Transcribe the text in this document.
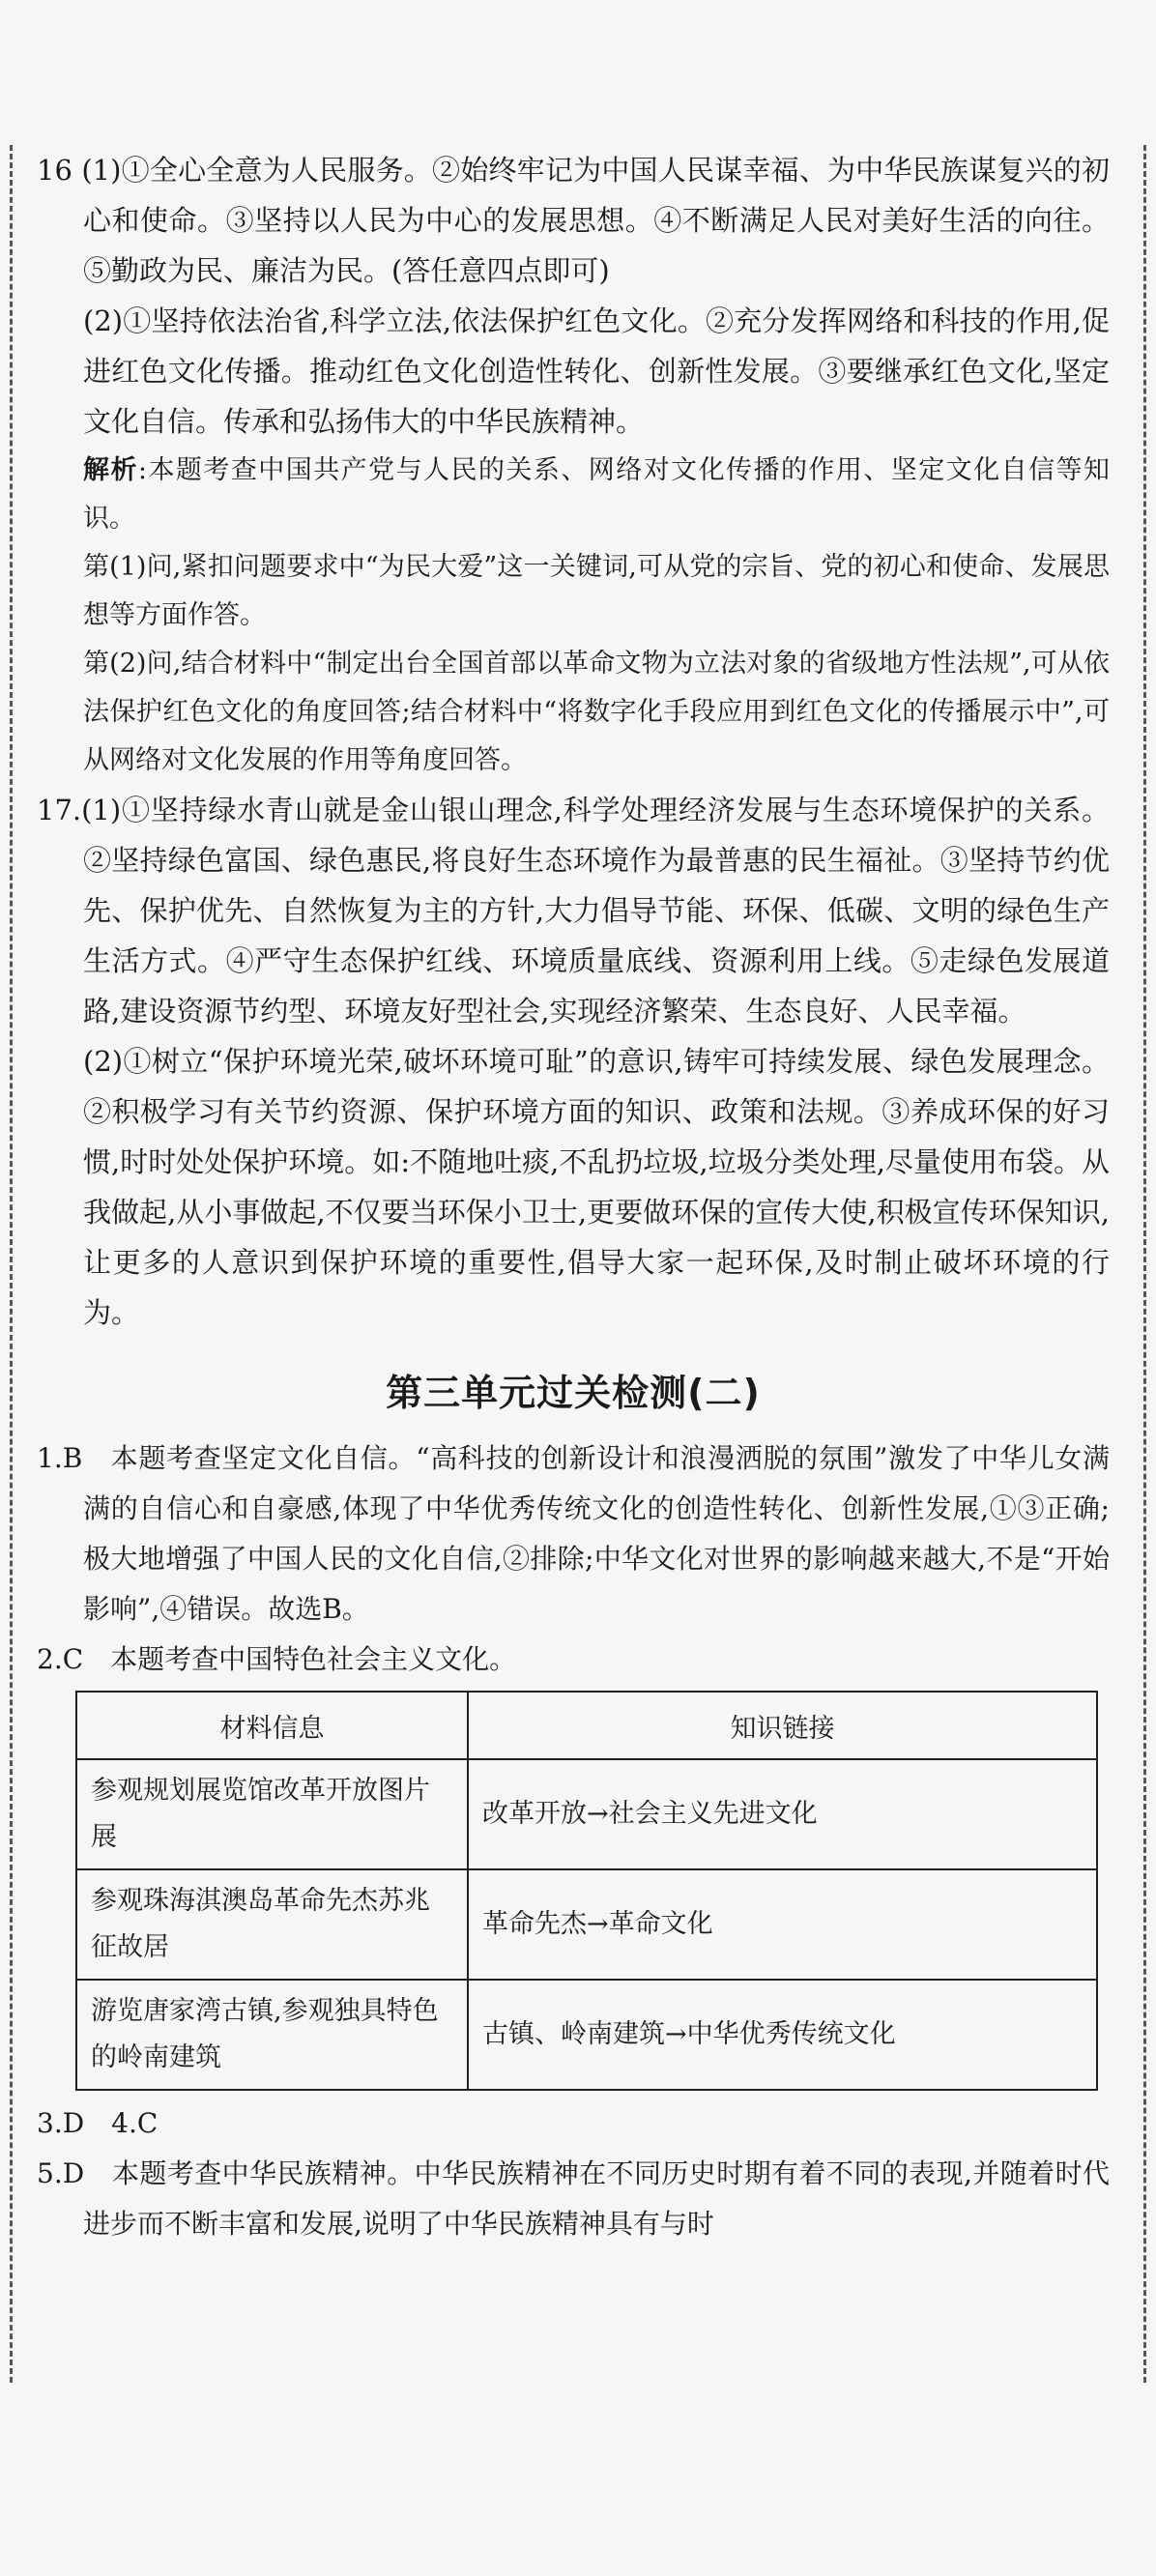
16 (1)①全心全意为人民服务。②始终牢记为中国人民谋幸福、为中华民族谋复兴的初心和使命。③坚持以人民为中心的发展思想。④不断满足人民对美好生活的向往。⑤勤政为民、廉洁为民。(答任意四点即可)

(2)①坚持依法治省,科学立法,依法保护红色文化。②充分发挥网络和科技的作用,促进红色文化传播。推动红色文化创造性转化、创新性发展。③要继承红色文化,坚定文化自信。传承和弘扬伟大的中华民族精神。

解析:本题考查中国共产党与人民的关系、网络对文化传播的作用、坚定文化自信等知识。

第(1)问,紧扣问题要求中“为民大爱”这一关键词,可从党的宗旨、党的初心和使命、发展思想等方面作答。

第(2)问,结合材料中“制定出台全国首部以革命文物为立法对象的省级地方性法规”,可从依法保护红色文化的角度回答;结合材料中“将数字化手段应用到红色文化的传播展示中”,可从网络对文化发展的作用等角度回答。

17.(1)①坚持绿水青山就是金山银山理念,科学处理经济发展与生态环境保护的关系。②坚持绿色富国、绿色惠民,将良好生态环境作为最普惠的民生福祉。③坚持节约优先、保护优先、自然恢复为主的方针,大力倡导节能、环保、低碳、文明的绿色生产生活方式。④严守生态保护红线、环境质量底线、资源利用上线。⑤走绿色发展道路,建设资源节约型、环境友好型社会,实现经济繁荣、生态良好、人民幸福。

(2)①树立“保护环境光荣,破坏环境可耻”的意识,铸牢可持续发展、绿色发展理念。②积极学习有关节约资源、保护环境方面的知识、政策和法规。③养成环保的好习惯,时时处处保护环境。如:不随地吐痰,不乱扔垃圾,垃圾分类处理,尽量使用布袋。从我做起,从小事做起,不仅要当环保小卫士,更要做环保的宣传大使,积极宣传环保知识,让更多的人意识到保护环境的重要性,倡导大家一起环保,及时制止破坏环境的行为。

第三单元过关检测(二)

1.B　本题考查坚定文化自信。“高科技的创新设计和浪漫洒脱的氛围”激发了中华儿女满满的自信心和自豪感,体现了中华优秀传统文化的创造性转化、创新性发展,①③正确;极大地增强了中国人民的文化自信,②排除;中华文化对世界的影响越来越大,不是“开始影响”,④错误。故选B。

2.C　本题考查中国特色社会主义文化。

材料信息	知识链接
参观规划展览馆改革开放图片展	改革开放→社会主义先进文化
参观珠海淇澳岛革命先杰苏兆征故居	革命先杰→革命文化
游览唐家湾古镇,参观独具特色的岭南建筑	古镇、岭南建筑→中华优秀传统文化

3.D　4.C

5.D　本题考查中华民族精神。中华民族精神在不同历史时期有着不同的表现,并随着时代进步而不断丰富和发展,说明了中华民族精神具有与时
